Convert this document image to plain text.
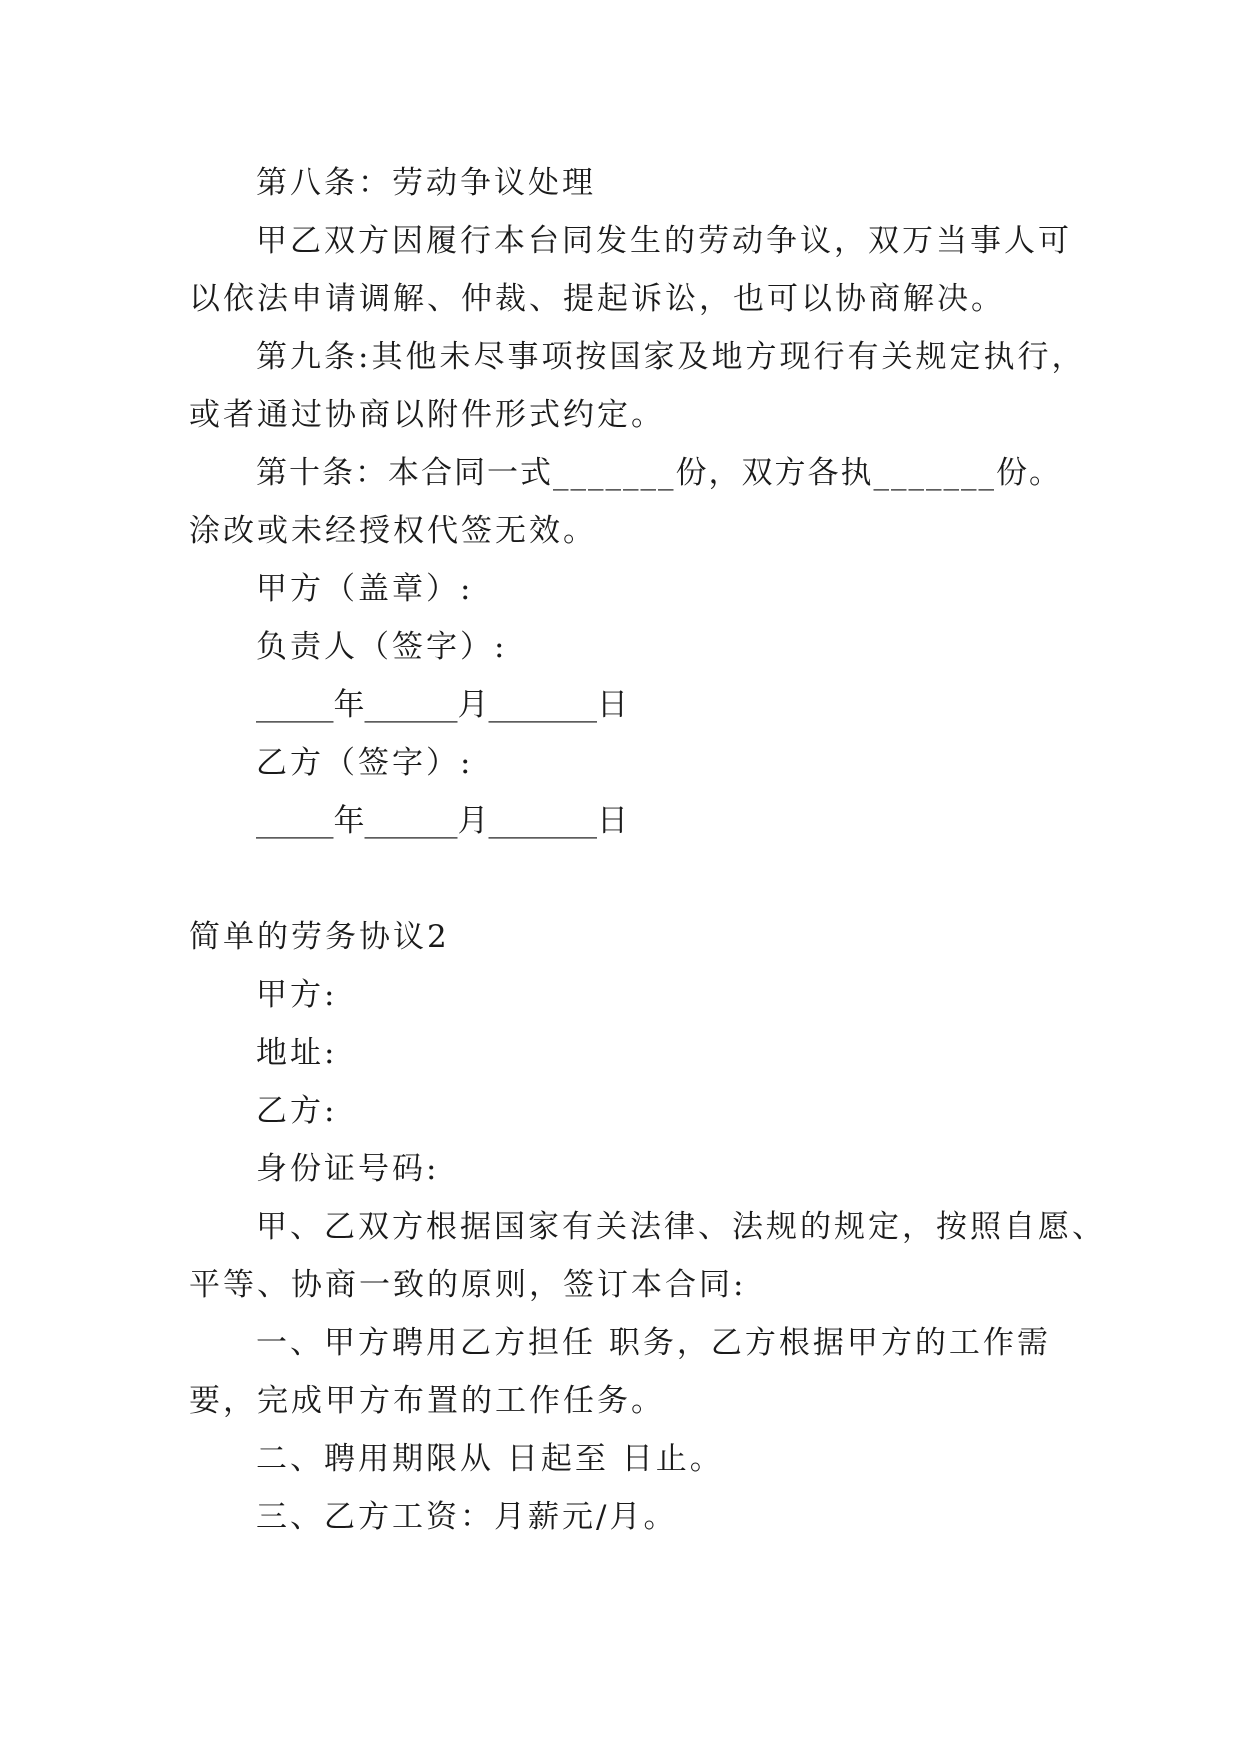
第八条：劳动争议处理
甲乙双方因履行本台同发生的劳动争议，双万当事人可
以依法申请调解、仲裁、提起诉讼，也可以协商解决。
第九条:其他未尽事项按国家及地方现行有关规定执行，
或者通过协商以附件形式约定。
第十条：本合同一式_______份，双方各执_______份。
涂改或未经授权代签无效。
甲方（盖章）:
负责人（签字）:
_____年______月_______日
乙方（签字）:
_____年______月_______日
简单的劳务协议2
甲方:
地址:
乙方:
身份证号码:
甲、乙双方根据国家有关法律、法规的规定，按照自愿、
平等、协商一致的原则，签订本合同:
一、甲方聘用乙方担任 职务，乙方根据甲方的工作需
要，完成甲方布置的工作任务。
二、聘用期限从 日起至 日止。
三、乙方工资：月薪元/月。
